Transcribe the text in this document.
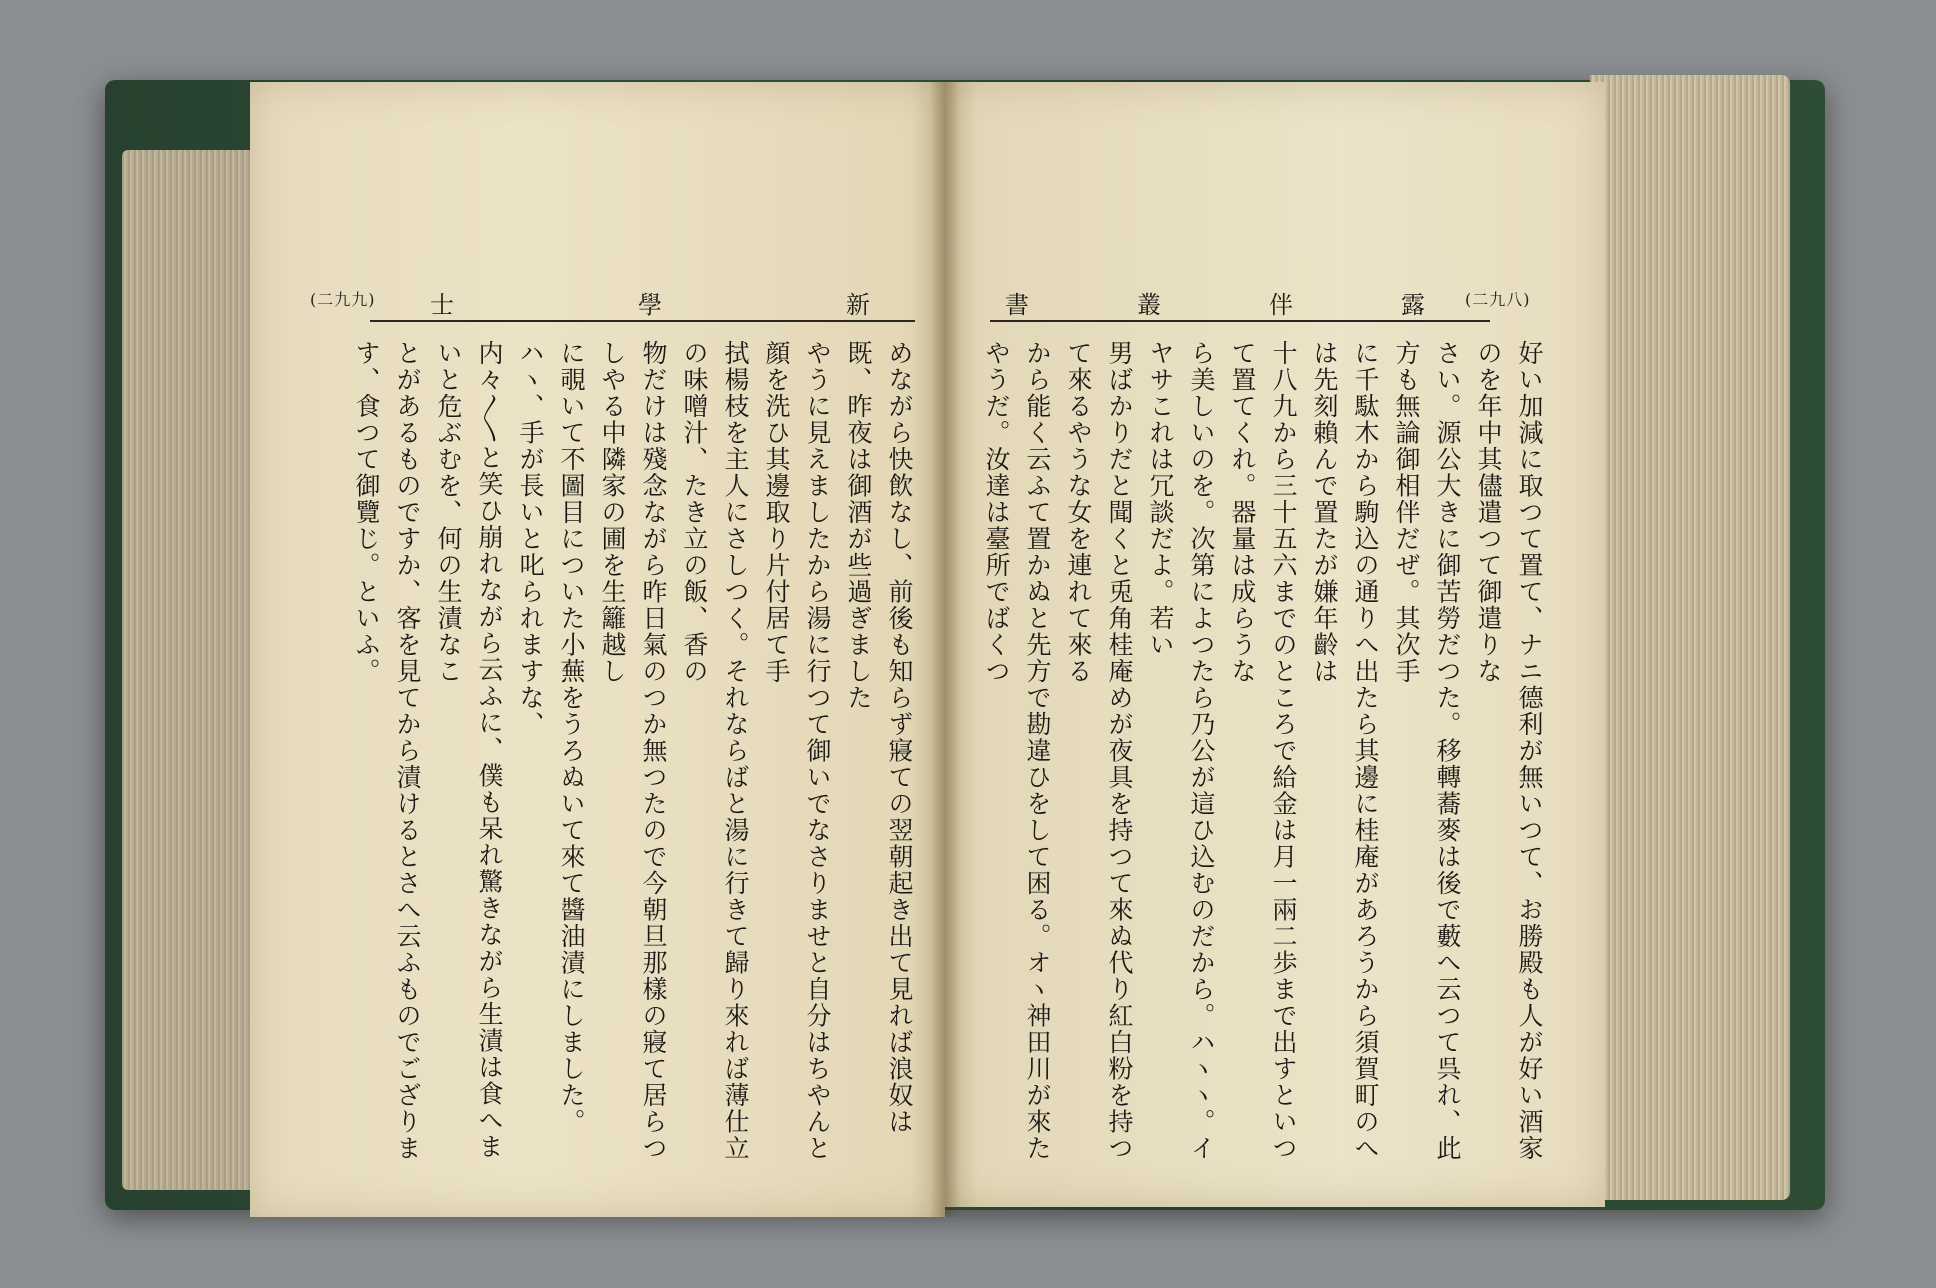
(二九九) 士	學	新

めながら快飲なし、前後も知らず寢ての翌朝起き出て見れば浪奴は既、昨夜は御酒が些過ぎました

やうに見えましたから湯に行つて御いでなさりませと自分はちやんと顔を洗ひ其邊取り片付居て手

拭楊枝を主人にさしつく。それならばと湯に行きて歸り來れば薄仕立の味噌汁、たき立の飯、香の

物だけは殘念ながら昨日氣のつか無つたので今朝旦那樣の寢て居らつしやる中隣家の圃を生籬越し

に覗いて不圖目についた小蕪をうろぬいて來て醬油漬にしました。ハヽ、手が長いと叱られますな、

内々〳〵と笑ひ崩れながら云ふに、僕も呆れ驚きながら生漬は食へまいと危ぶむを、何の生漬なこ

とがあるものですか、客を見てから漬けるとさへ云ふものでござります、食つて御覽じ。といふ。

(二九八)
書	叢	伴	露

好い加減に取つて置て、ナニ德利が無いつて、お勝殿も人が好い酒家のを年中其儘遣つて御遣りな

さい。源公大きに御苦勞だつた。移轉蕎麥は後で藪へ云つて呉れ、此方も無論御相伴だぜ。其次手

に千駄木から駒込の通りへ出たら其邊に桂庵があろうから須賀町のへは先刻賴んで置たが嫌年齡は

十八九から三十五六までのところで給金は月一兩二歩まで出すといつて置てくれ。器量は成らうな

ら美しいのを。次第によつたら乃公が這ひ込むのだから。ハヽヽ。イヤサこれは冗談だよ。若い

男ばかりだと聞くと兎角桂庵めが夜具を持つて來ぬ代り紅白粉を持つて來るやうな女を連れて來る

から能く云ふて置かぬと先方で勘違ひをして困る。オヽ神田川が來たやうだ。汝達は臺所でばくつ
